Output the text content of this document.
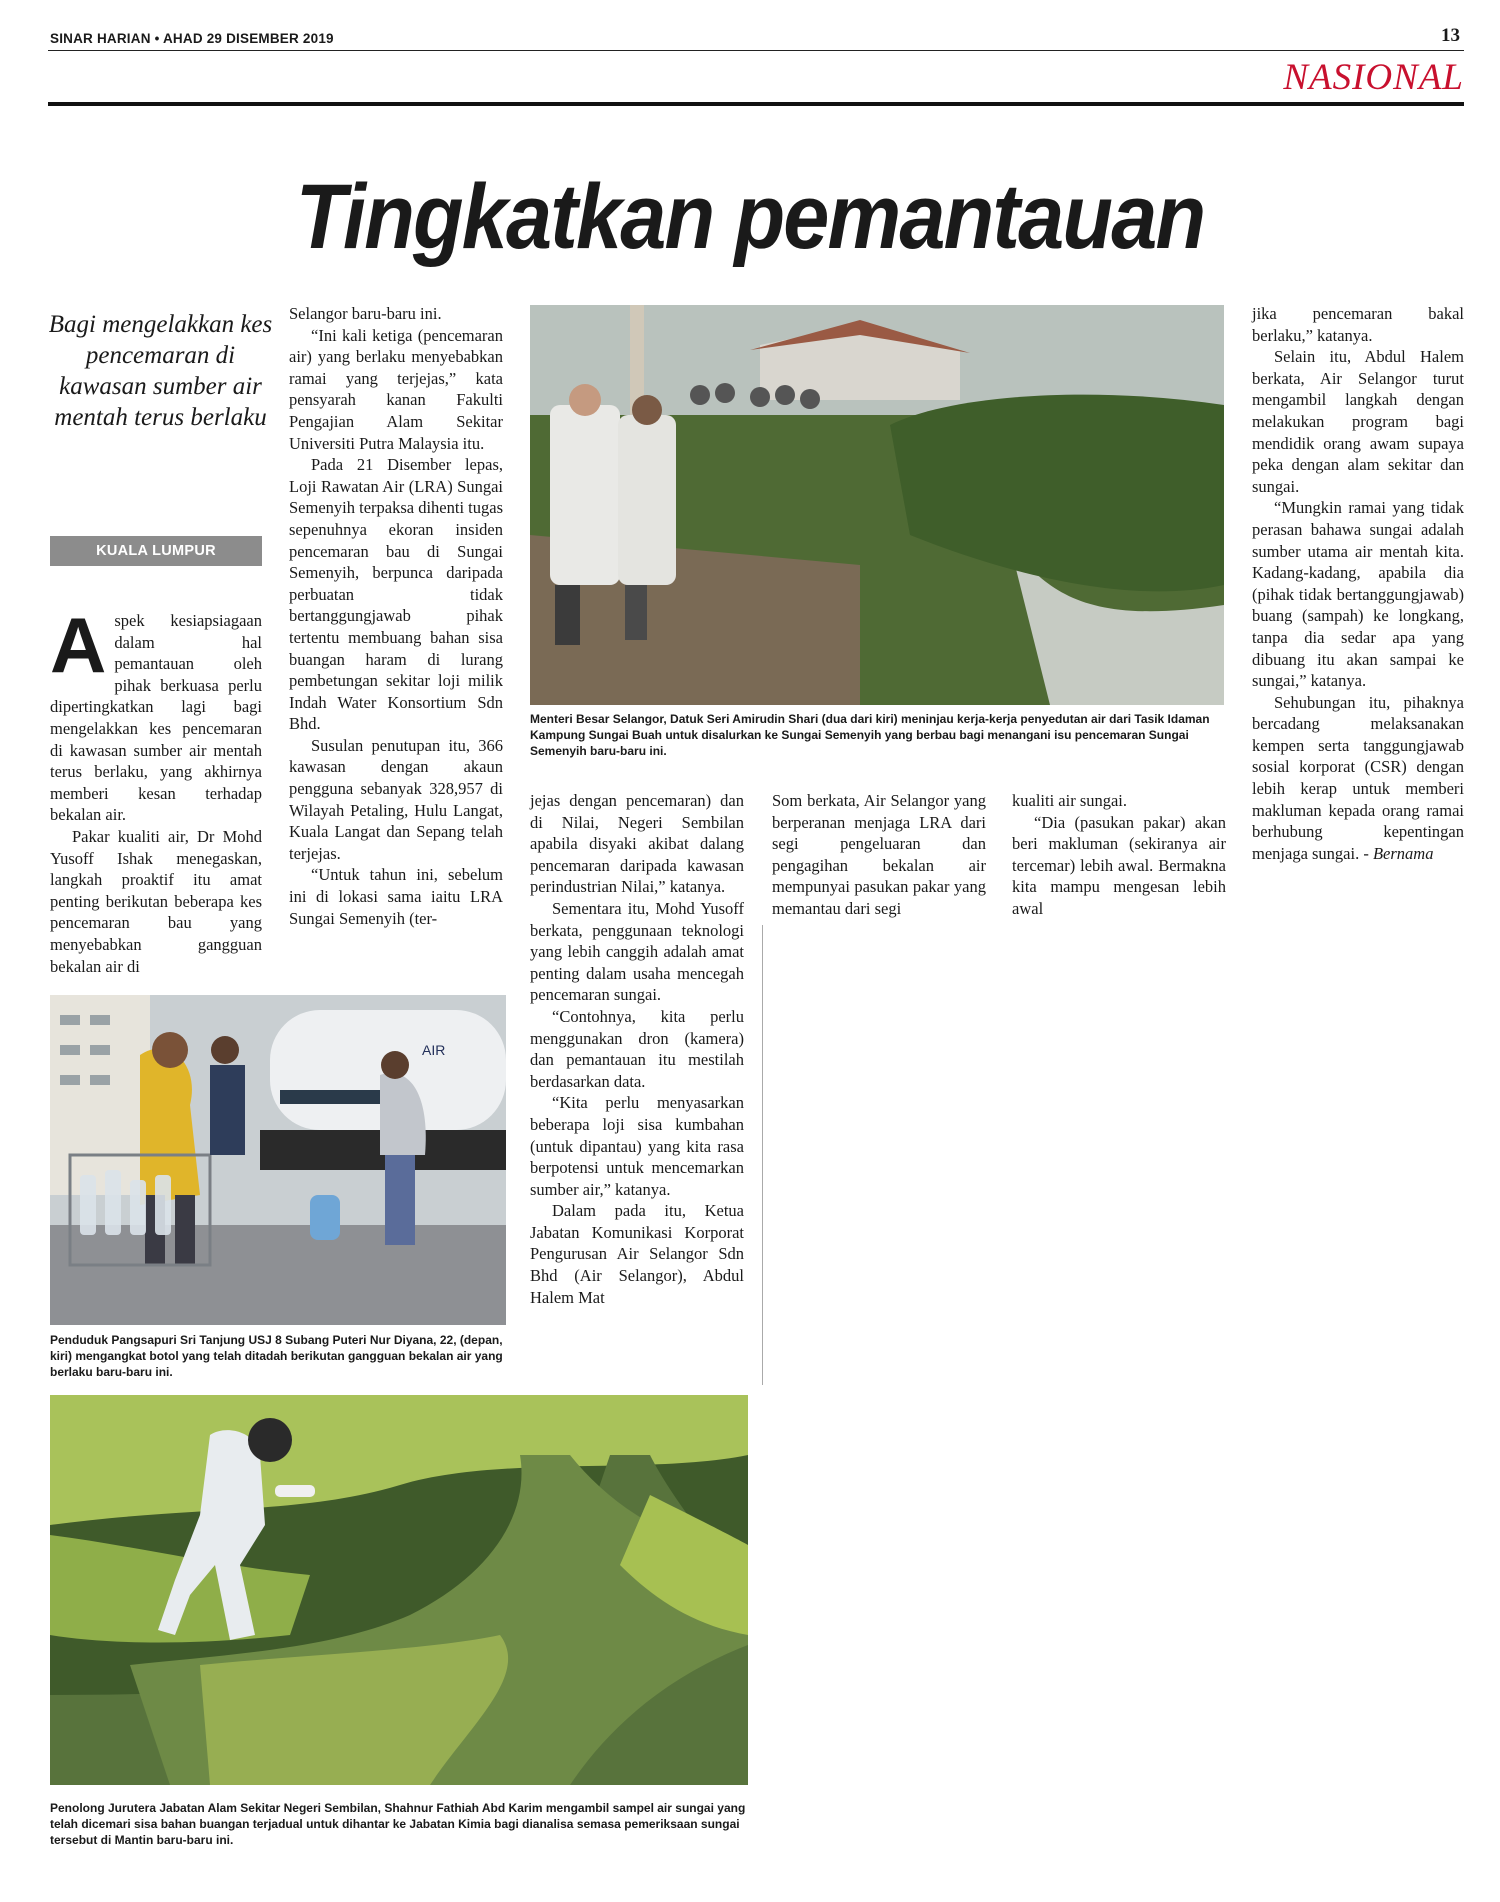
SINAR HARIAN • AHAD 29 DISEMBER 2019	13
NASIONAL
Tingkatkan pemantauan
Bagi mengelakkan kes pencemaran di kawasan sumber air mentah terus berlaku
KUALA LUMPUR

Aspek kesiapsiagaan dalam hal pemantauan oleh pihak berkuasa perlu dipertingkatkan lagi bagi mengelakkan kes pencemaran di kawasan sumber air mentah terus berlaku, yang akhirnya memberi kesan terhadap bekalan air.

Pakar kualiti air, Dr Mohd Yusoff Ishak menegaskan, langkah proaktif itu amat penting berikutan beberapa kes pencemaran bau yang menyebabkan gangguan bekalan air di

Selangor baru-baru ini.

“Ini kali ketiga (pencemaran air) yang berlaku menyebabkan ramai yang terjejas,” kata pensyarah kanan Fakulti Pengajian Alam Sekitar Universiti Putra Malaysia itu.

Pada 21 Disember lepas, Loji Rawatan Air (LRA) Sungai Semenyih terpaksa dihenti tugas sepenuhnya ekoran insiden pencemaran bau di Sungai Semenyih, berpunca daripada perbuatan tidak bertanggungjawab pihak tertentu membuang bahan sisa buangan haram di lurang pembetungan sekitar loji milik Indah Water Konsortium Sdn Bhd.

Susulan penutupan itu, 366 kawasan dengan akaun pengguna sebanyak 328,957 di Wilayah Petaling, Hulu Langat, Kuala Langat dan Sepang telah terjejas.

“Untuk tahun ini, sebelum ini di lokasi sama iaitu LRA Sungai Semenyih (ter-

Menteri Besar Selangor, Datuk Seri Amirudin Shari (dua dari kiri) meninjau kerja-kerja penyedutan air dari Tasik Idaman Kampung Sungai Buah untuk disalurkan ke Sungai Semenyih yang berbau bagi menangani isu pencemaran Sungai Semenyih baru-baru ini.

jejas dengan pencemaran) dan di Nilai, Negeri Sembilan apabila disyaki akibat dalang pencemaran daripada kawasan perindustrian Nilai,” katanya.

Sementara itu, Mohd Yusoff berkata, penggunaan teknologi yang lebih canggih adalah amat penting dalam usaha mencegah pencemaran sungai.

“Contohnya, kita perlu menggunakan dron (kamera) dan pemantauan itu mestilah berdasarkan data.

“Kita perlu menyasarkan beberapa loji sisa kumbahan (untuk dipantau) yang kita rasa berpotensi untuk mencemarkan sumber air,” katanya.

Dalam pada itu, Ketua Jabatan Komunikasi Korporat Pengurusan Air Selangor Sdn Bhd (Air Selangor), Abdul Halem Mat

Som berkata, Air Selangor yang berperanan menjaga LRA dari segi pengeluaran dan pengagihan bekalan air mempunyai pasukan pakar yang memantau dari segi

kualiti air sungai.

“Dia (pasukan pakar) akan beri makluman (sekiranya air tercemar) lebih awal. Bermakna kita mampu mengesan lebih awal

jika pencemaran bakal berlaku,” katanya.

Selain itu, Abdul Halem berkata, Air Selangor turut mengambil langkah dengan melakukan program bagi mendidik orang awam supaya peka dengan alam sekitar dan sungai.

“Mungkin ramai yang tidak perasan bahawa sungai adalah sumber utama air mentah kita. Kadang-kadang, apabila dia (pihak tidak bertanggungjawab) buang (sampah) ke longkang, tanpa dia sedar apa yang dibuang itu akan sampai ke sungai,” katanya.

Sehubungan itu, pihaknya bercadang melaksanakan kempen serta tanggungjawab sosial korporat (CSR) dengan lebih kerap untuk memberi makluman kepada orang ramai berhubung kepentingan menjaga sungai. - Bernama

AIR
Penduduk Pangsapuri Sri Tanjung USJ 8 Subang Puteri Nur Diyana, 22, (depan, kiri) mengangkat botol yang telah ditadah berikutan gangguan bekalan air yang berlaku baru-baru ini.
Penolong Jurutera Jabatan Alam Sekitar Negeri Sembilan, Shahnur Fathiah Abd Karim mengambil sampel air sungai yang telah dicemari sisa bahan buangan terjadual untuk dihantar ke Jabatan Kimia bagi dianalisa semasa pemeriksaan sungai tersebut di Mantin baru-baru ini.
